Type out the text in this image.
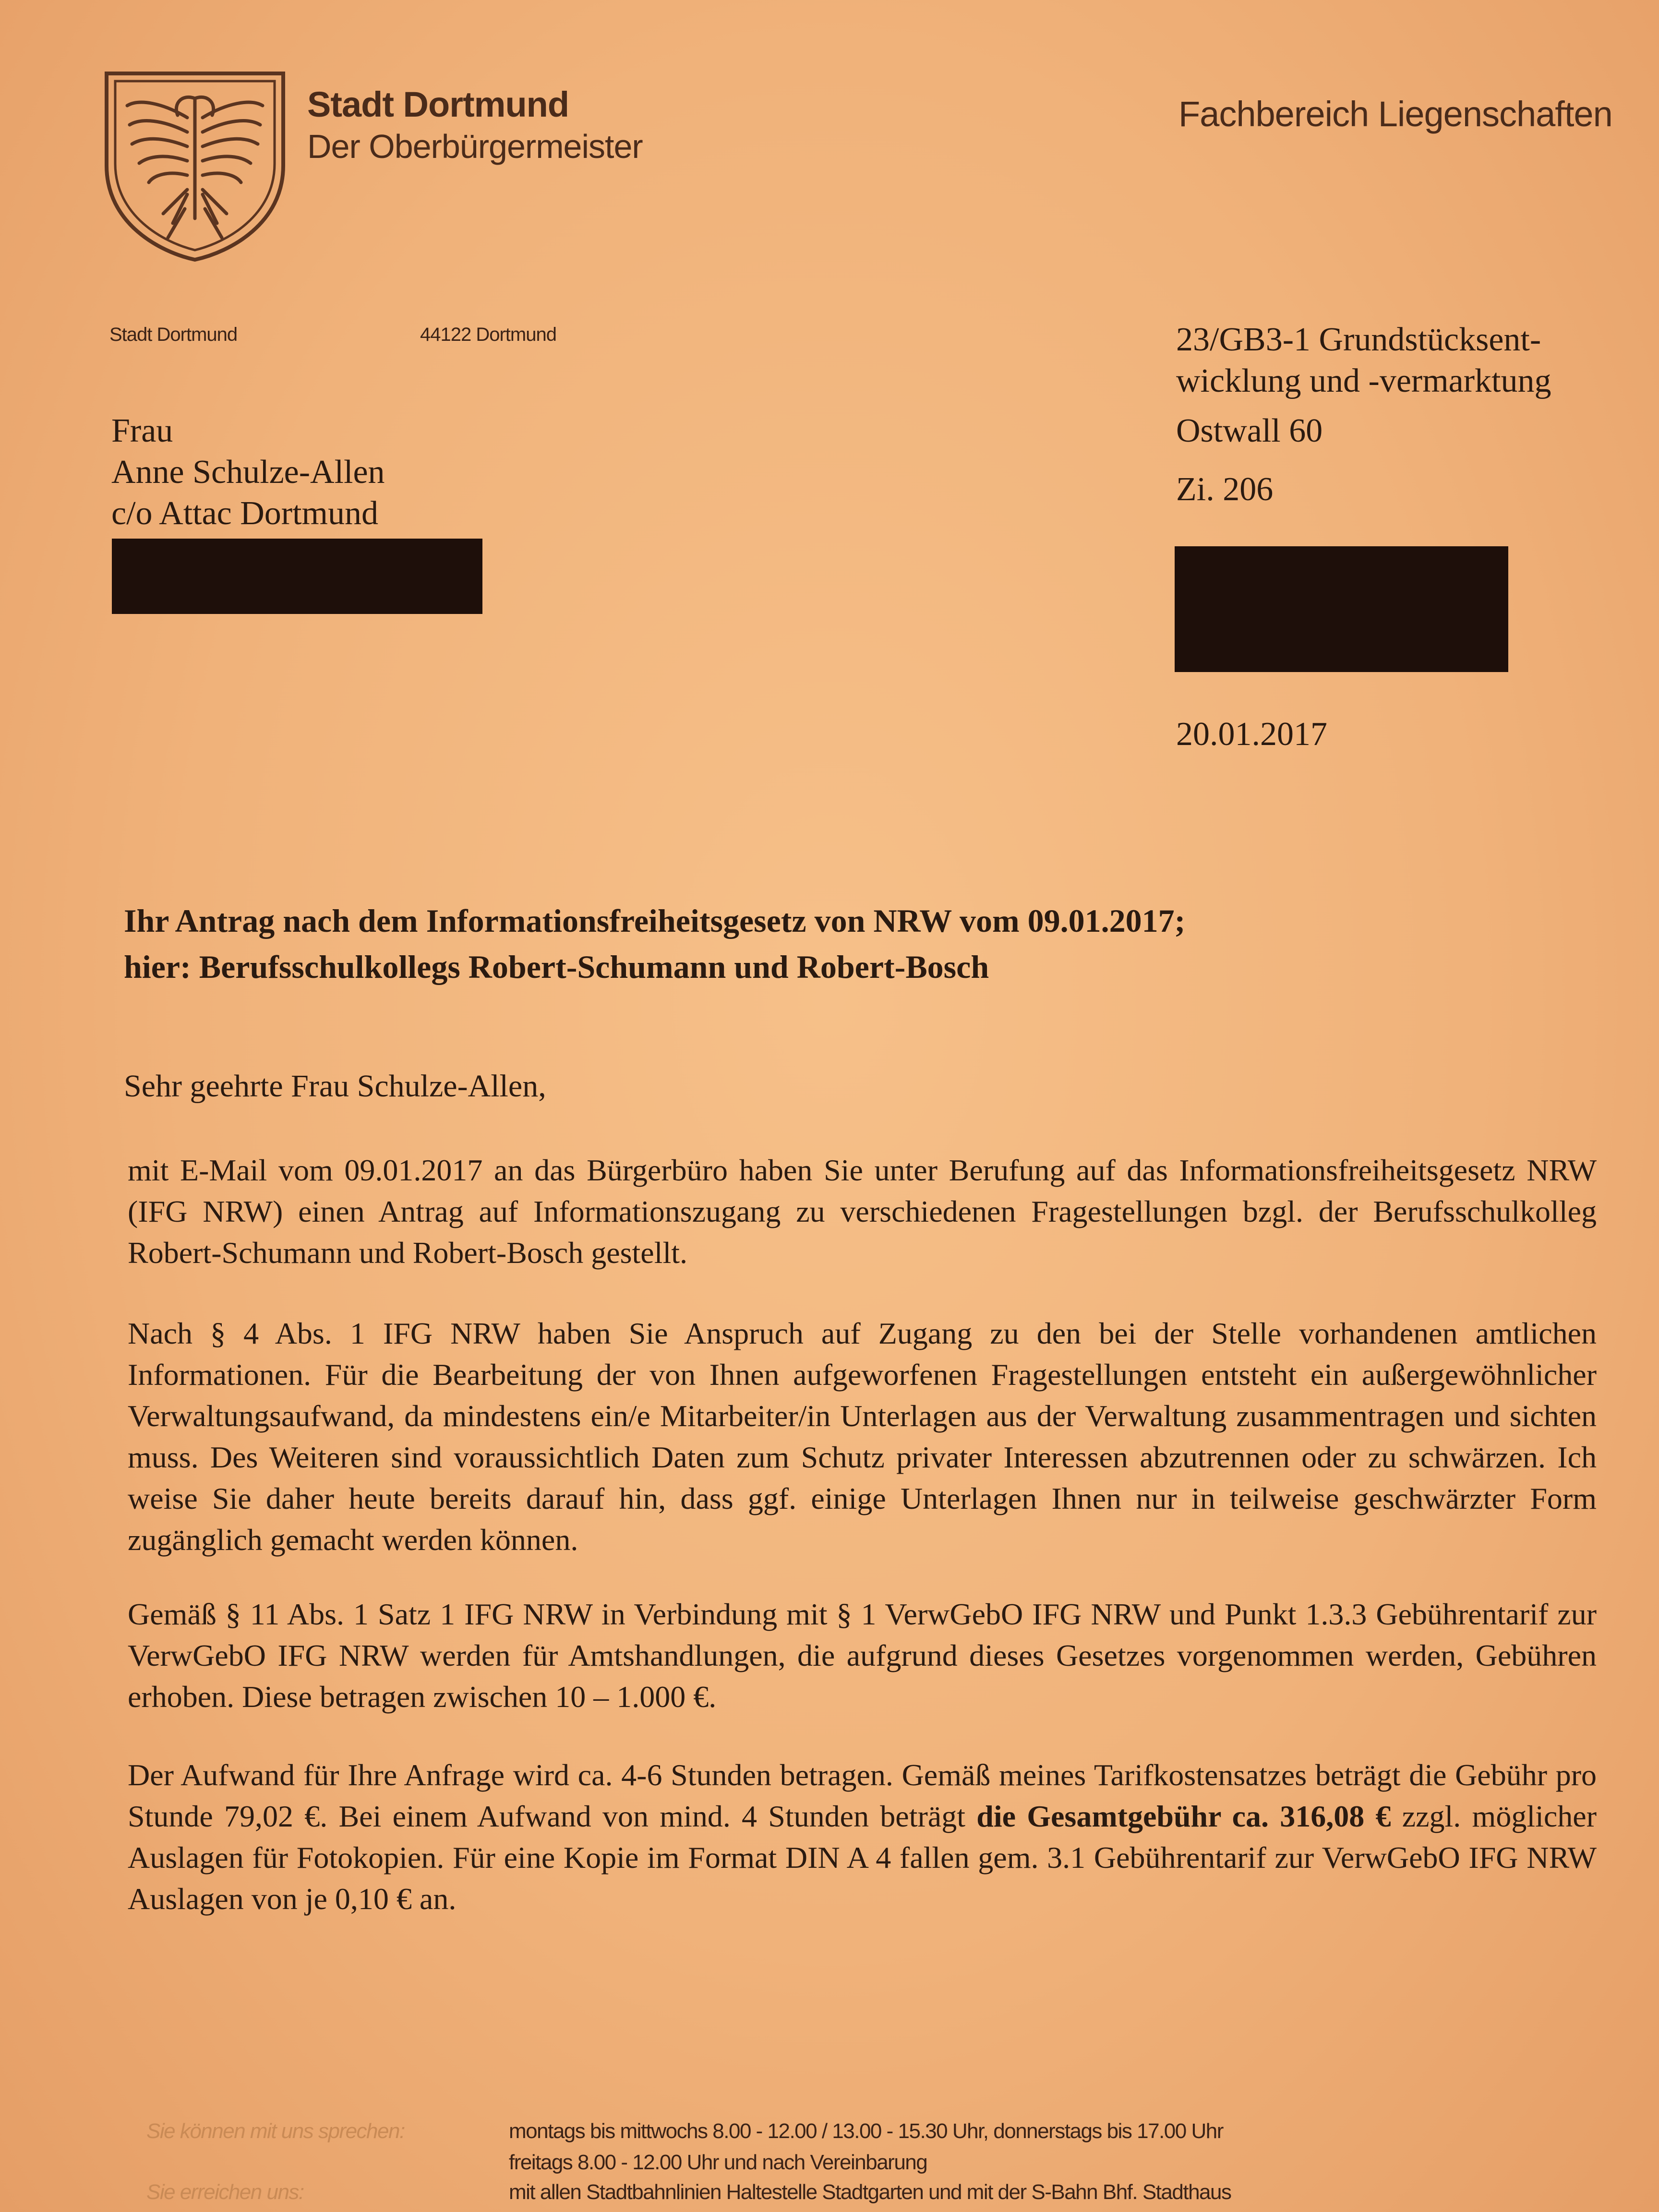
Stadt Dortmund
Der Oberbürgermeister
Fachbereich Liegenschaften
Stadt Dortmund	44122 Dortmund
Frau
Anne Schulze-Allen
c/o Attac Dortmund
23/GB3-1 Grundstücksent-
wicklung und -vermarktung
Ostwall 60
Zi. 206
20.01.2017
Ihr Antrag nach dem Informationsfreiheitsgesetz von NRW vom 09.01.2017;
hier: Berufsschulkollegs Robert-Schumann und Robert-Bosch
Sehr geehrte Frau Schulze-Allen,
mit E-Mail vom 09.01.2017 an das Bürgerbüro haben Sie unter Berufung auf das Informationsfreiheitsgesetz NRW (IFG NRW) einen Antrag auf Informationszugang zu verschiedenen Fragestellungen bzgl. der Berufsschulkolleg Robert-Schumann und Robert-Bosch gestellt.
Nach § 4 Abs. 1 IFG NRW haben Sie Anspruch auf Zugang zu den bei der Stelle vorhandenen amtlichen Informationen. Für die Bearbeitung der von Ihnen aufgeworfenen Fragestellungen entsteht ein außergewöhnlicher Verwaltungsaufwand, da mindestens ein/e Mitarbeiter/in Unterlagen aus der Verwaltung zusammentragen und sichten muss. Des Weiteren sind voraussichtlich Daten zum Schutz privater Interessen abzutrennen oder zu schwärzen. Ich weise Sie daher heute bereits darauf hin, dass ggf. einige Unterlagen Ihnen nur in teilweise geschwärzter Form zugänglich gemacht werden können.
Gemäß § 11 Abs. 1 Satz 1 IFG NRW in Verbindung mit § 1 VerwGebO IFG NRW und Punkt 1.3.3 Gebührentarif zur VerwGebO IFG NRW werden für Amtshandlungen, die aufgrund dieses Gesetzes vorgenommen werden, Gebühren erhoben. Diese betragen zwischen 10 – 1.000 €.
Der Aufwand für Ihre Anfrage wird ca. 4-6 Stunden betragen. Gemäß meines Tarifkostensatzes beträgt die Gebühr pro Stunde 79,02 €. Bei einem Aufwand von mind. 4 Stunden beträgt die Gesamtgebühr ca. 316,08 € zzgl. möglicher Auslagen für Fotokopien. Für eine Kopie im Format DIN A 4 fallen gem. 3.1 Gebührentarif zur VerwGebO IFG NRW Auslagen von je 0,10 € an.
Sie können mit uns sprechen:	montags bis mittwochs 8.00 - 12.00 / 13.00 - 15.30 Uhr, donnerstags bis 17.00 Uhr
freitags 8.00 - 12.00 Uhr und nach Vereinbarung
Sie erreichen uns:	mit allen Stadtbahnlinien Haltestelle Stadtgarten und mit der S-Bahn Bhf. Stadthaus
